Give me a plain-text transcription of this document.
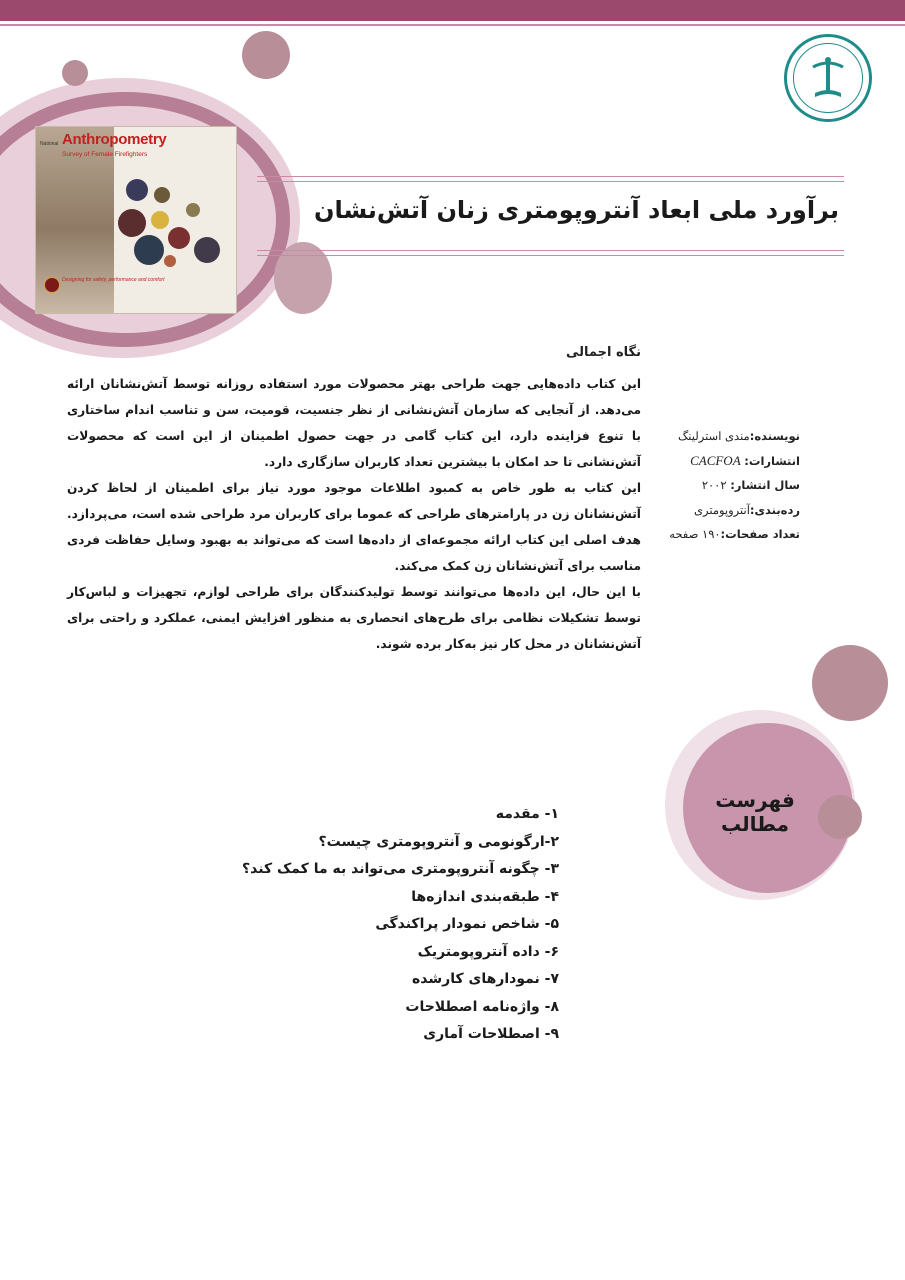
National Anthropometry
Survey of Female Firefighters
Designing for safety, performance and comfort
برآورد ملی ابعاد آنتروپومتری زنان آتش‌نشان
نگاه اجمالی

این کتاب داده‌هایی جهت طراحی بهتر محصولات مورد استفاده روزانه توسط آتش‌نشانان ارائه می‌دهد. از آنجایی که سازمان آتش‌نشانی از نظر جنسیت، قومیت، سن و تناسب اندام ساختاری با تنوع فزاینده دارد، این کتاب گامی در جهت حصول اطمینان از این است که محصولات آتش‌نشانی تا حد امکان با بیشترین تعداد کاربران سازگاری دارد.

این کتاب به طور خاص به کمبود اطلاعات موجود مورد نیاز برای اطمینان از لحاظ کردن آتش‌نشانان زن در پارامترهای طراحی که عموما برای کاربران مرد طراحی شده است، می‌پردازد. هدف اصلی این کتاب ارائه مجموعه‌ای از داده‌ها است که می‌تواند به بهبود وسایل حفاظت فردی مناسب برای آتش‌نشانان زن کمک می‌کند.

با این حال، این داده‌ها می‌توانند توسط تولیدکنندگان برای طراحی لوازم، تجهیزات و لباس‌کار توسط تشکیلات نظامی برای طرح‌های انحصاری به منظور افزایش ایمنی، عملکرد و راحتی برای آتش‌نشانان در محل کار نیز به‌کار برده شوند.

نویسنده:مندی استرلینگ
انتشارات: CACFOA
سال انتشار: ۲۰۰۲
رده‌بندی:آنتروپومتری
تعداد صفحات:۱۹۰ صفحه
فهرست مطالب
۱- مقدمه
۲-ارگونومی و آنتروپومتری چیست؟
۳- چگونه آنتروپومتری می‌تواند به ما کمک کند؟
۴- طبقه‌بندی اندازه‌ها
۵- شاخص نمودار پراکندگی
۶- داده آنتروپومتریک
۷- نمودارهای کارشده
۸- واژه‌نامه اصطلاحات
۹- اصطلاحات آماری
